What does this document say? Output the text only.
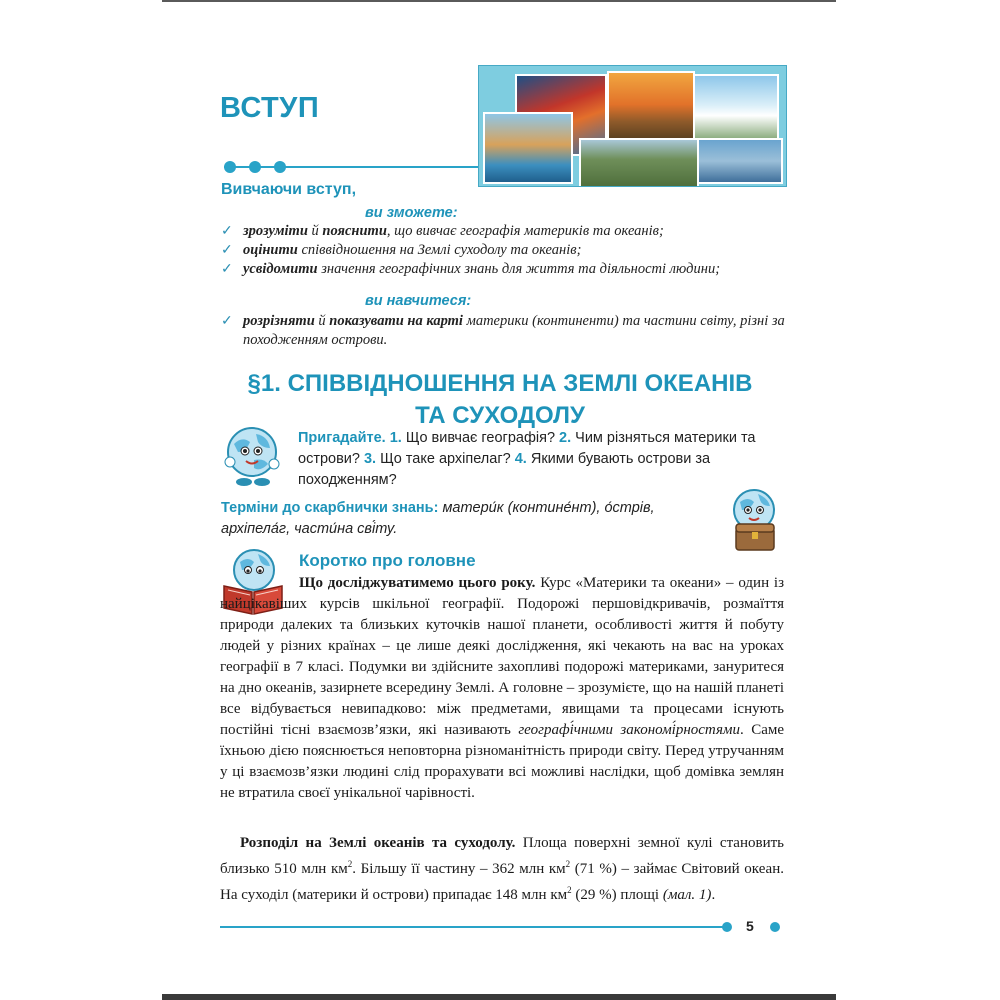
ВСТУП
Вивчаючи вступ,
ви зможете:
✓ зрозуміти й пояснити, що вивчає географія материків та океанів;
✓ оцінити співвідношення на Землі суходолу та океанів;
✓ усвідомити значення географічних знань для життя та діяльності людини;
ви навчитеся:
✓ розрізняти й показувати на карті материки (континенти) та частини світу, різні за походженням острови.
§1. СПІВВІДНОШЕННЯ НА ЗЕМЛІ ОКЕАНІВ ТА СУХОДОЛУ
Пригадайте. 1. Що вивчає географія? 2. Чим різняться материки та острови? 3. Що таке архіпелаг? 4. Якими бувають острови за походженням?
Терміни до скарбнички знань: матери́к (контине́нт), о́стрів, архіпела́г, части́на сві́ту.
Коротко про головне
Що досліджуватимемо цього року. Курс «Материки та океани» – один із найцікавіших курсів шкільної географії. Подорожі першовідкривачів, розмаїття природи далеких та близьких куточків нашої планети, особливості життя й побуту людей у різних країнах – це лише деякі дослідження, які чекають на вас на уроках географії в 7 класі. Подумки ви здійсните захопливі подорожі материками, зануритеся на дно океанів, зазирнете всередину Землі. А головне – зрозумієте, що на нашій планеті все відбувається невипадково: між предметами, явищами та процесами існують постійні тісні взаємозв’язки, які називають географі́чними закономі́рностями. Саме їхньою дією пояснюється неповторна різноманітність природи світу. Перед утручанням у ці взаємозв’язки людині слід прорахувати всі можливі наслідки, щоб домівка землян не втратила своєї унікальної чарівності.
Розподіл на Землі океанів та суходолу. Площа поверхні земної кулі становить близько 510 млн $км^2$. Більшу її частину – 362 млн $км^2$ (71 %) – займає Світовий океан. На суходіл (материки й острови) припадає 148 млн $км^2$ (29 %) площі (мал. 1).
5
